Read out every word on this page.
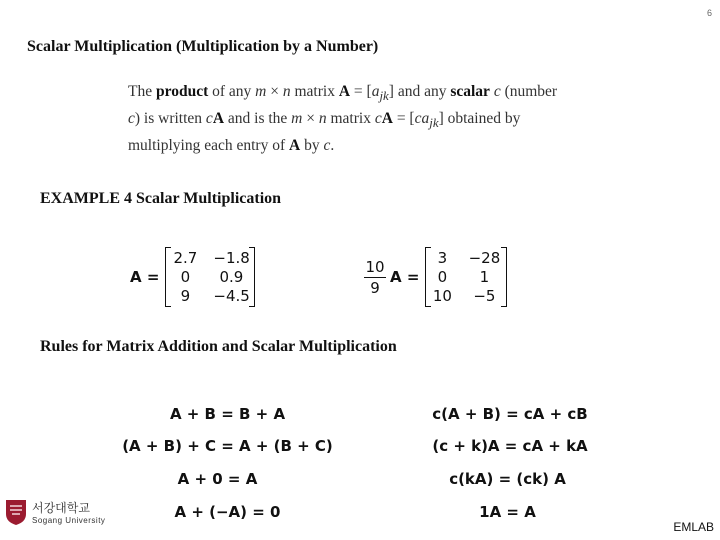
6
Scalar Multiplication (Multiplication by a Number)
The product of any m × n matrix $A = [a_{jk}]$ and any scalar c (number
c) is written cA and is the m × n matrix cA = $[ca_{jk}]$ obtained by
multiplying each entry of A by c.
EXAMPLE 4 Scalar Multiplication
A =
2.7 −1.8
0	0.9
9	−4.5	$\frac{10}{9}$ A =
3	−28
0	1
10	−5
Rules for Matrix Addition and Scalar Multiplication
A + B = B + A
(A + B) + C = A + (B + C)
A + 0 = A
A + (−A) = 0
c(A + B) = cA + cB
(c + k)A = cA + kA
c(kA) = (ck) A
1A = A
서강대학교
Sogang University	EMLAB
